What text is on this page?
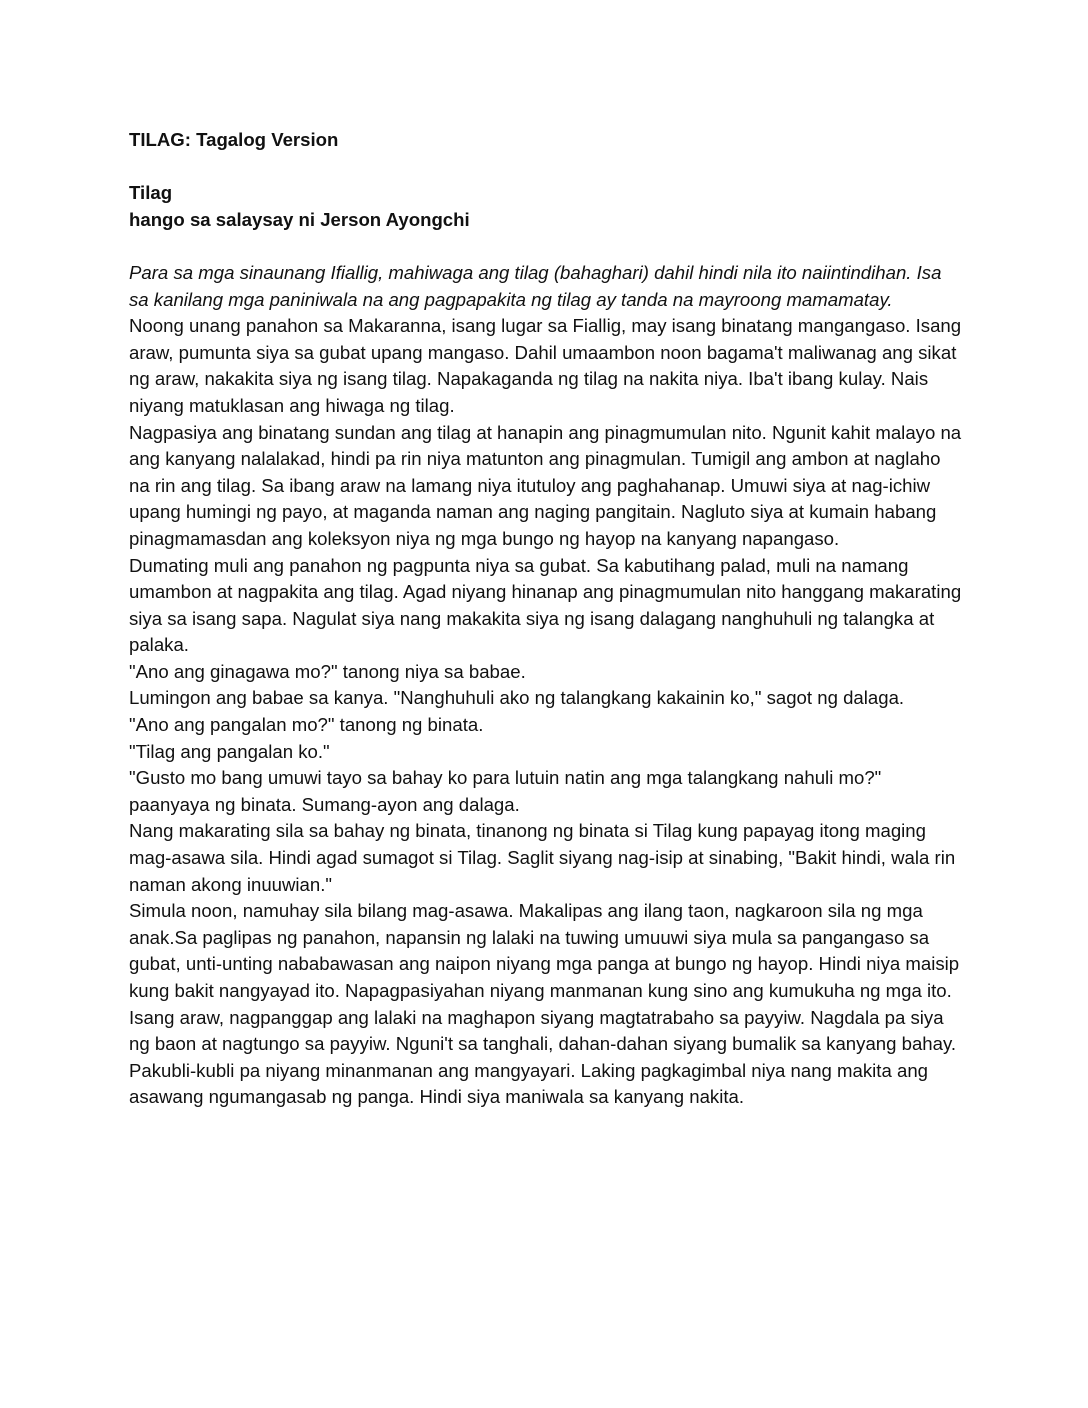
TILAG: Tagalog Version

Tilag

hango sa salaysay ni Jerson Ayongchi

Para sa mga sinaunang Ifiallig, mahiwaga ang tilag (bahaghari) dahil hindi nila ito naiintindihan. Isa sa kanilang mga paniniwala na ang pagpapakita ng tilag ay tanda na mayroong mamamatay.

Noong unang panahon sa Makaranna, isang lugar sa Fiallig, may isang binatang mangangaso. Isang araw, pumunta siya sa gubat upang mangaso. Dahil umaambon noon bagama't maliwanag ang sikat ng araw, nakakita siya ng isang tilag. Napakaganda ng tilag na nakita niya. Iba't ibang kulay. Nais niyang matuklasan ang hiwaga ng tilag.

Nagpasiya ang binatang sundan ang tilag at hanapin ang pinagmumulan nito. Ngunit kahit malayo na ang kanyang nalalakad, hindi pa rin niya matunton ang pinagmulan. Tumigil ang ambon at naglaho na rin ang tilag. Sa ibang araw na lamang niya itutuloy ang paghahanap. Umuwi siya at nag-ichiw upang humingi ng payo, at maganda naman ang naging pangitain. Nagluto siya at kumain habang pinagmamasdan ang koleksyon niya ng mga bungo ng hayop na kanyang napangaso.

Dumating muli ang panahon ng pagpunta niya sa gubat. Sa kabutihang palad, muli na namang umambon at nagpakita ang tilag. Agad niyang hinanap ang pinagmumulan nito hanggang makarating siya sa isang sapa. Nagulat siya nang makakita siya ng isang dalagang nanghuhuli ng talangka at palaka.

"Ano ang ginagawa mo?" tanong niya sa babae.

Lumingon ang babae sa kanya. "Nanghuhuli ako ng talangkang kakainin ko," sagot ng dalaga.

"Ano ang pangalan mo?" tanong ng binata.

"Tilag ang pangalan ko."

"Gusto mo bang umuwi tayo sa bahay ko para lutuin natin ang mga talangkang nahuli mo?" paanyaya ng binata. Sumang-ayon ang dalaga.

Nang makarating sila sa bahay ng binata, tinanong ng binata si Tilag kung papayag itong maging mag-asawa sila. Hindi agad sumagot si Tilag. Saglit siyang nag-isip at sinabing, "Bakit hindi, wala rin naman akong inuuwian."

Simula noon, namuhay sila bilang mag-asawa. Makalipas ang ilang taon, nagkaroon sila ng mga anak.Sa paglipas ng panahon, napansin ng lalaki na tuwing umuuwi siya mula sa pangangaso sa gubat, unti-unting nababawasan ang naipon niyang mga panga at bungo ng hayop. Hindi niya maisip kung bakit nangyayad ito. Napagpasiyahan niyang manmanan kung sino ang kumukuha ng mga ito.

Isang araw, nagpanggap ang lalaki na maghapon siyang magtatrabaho sa payyiw. Nagdala pa siya ng baon at nagtungo sa payyiw. Nguni't sa tanghali, dahan-dahan siyang bumalik sa kanyang bahay. Pakubli-kubli pa niyang minanmanan ang mangyayari. Laking pagkagimbal niya nang makita ang asawang ngumangasab ng panga. Hindi siya maniwala sa kanyang nakita.
